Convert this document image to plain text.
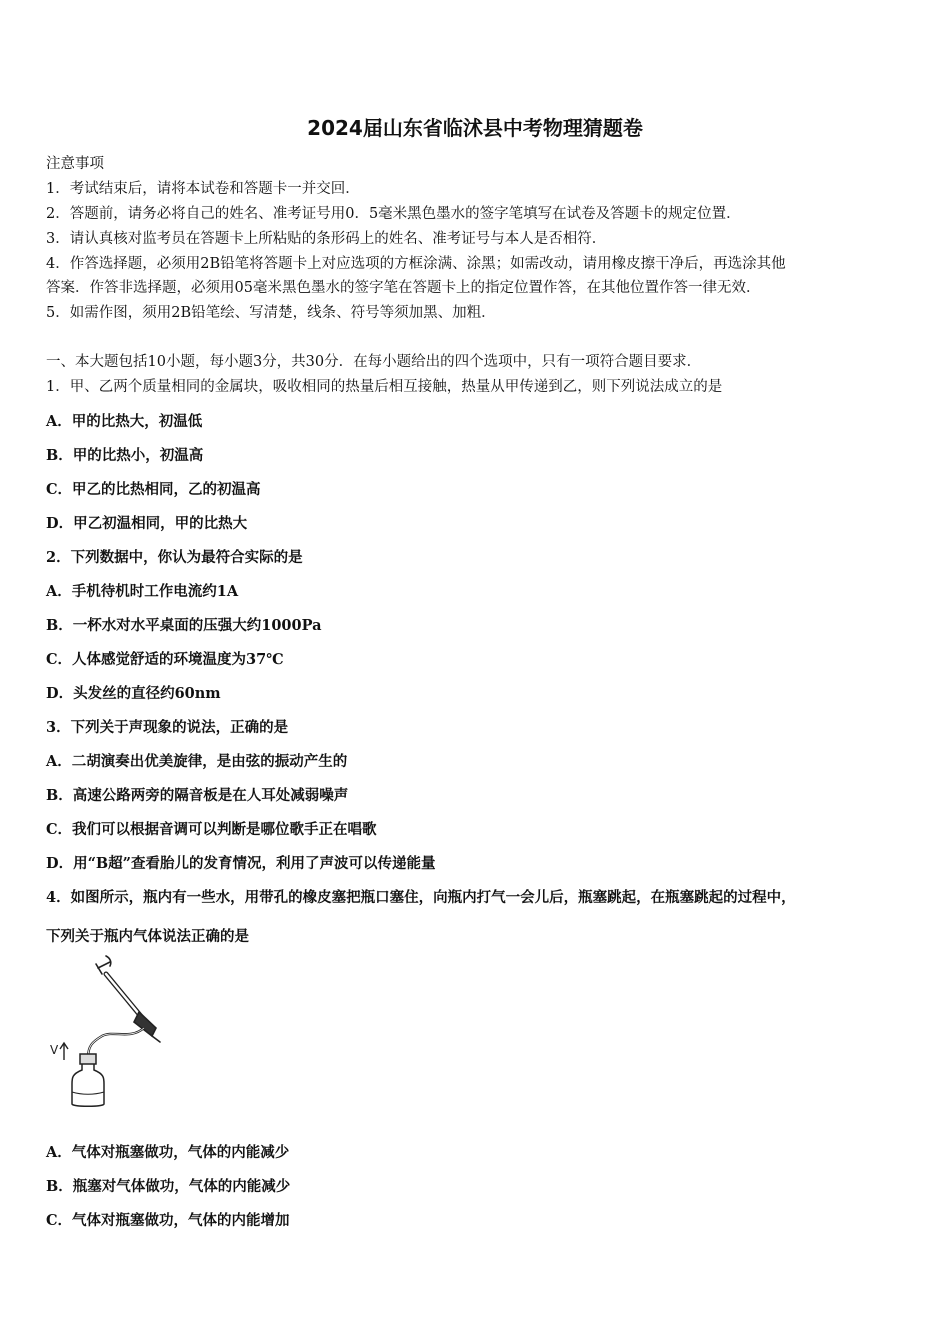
2024届山东省临沭县中考物理猜题卷
注意事项
1．考试结束后，请将本试卷和答题卡一并交回．
2．答题前，请务必将自己的姓名、准考证号用0．5毫米黑色墨水的签字笔填写在试卷及答题卡的规定位置．
3．请认真核对监考员在答题卡上所粘贴的条形码上的姓名、准考证号与本人是否相符．
4．作答选择题，必须用2B铅笔将答题卡上对应选项的方框涂满、涂黑；如需改动，请用橡皮擦干净后，再选涂其他
答案．作答非选择题，必须用05毫米黑色墨水的签字笔在答题卡上的指定位置作答，在其他位置作答一律无效．
5．如需作图，须用2B铅笔绘、写清楚，线条、符号等须加黑、加粗．
一、本大题包括10小题，每小题3分，共30分．在每小题给出的四个选项中，只有一项符合题目要求．
1．甲、乙两个质量相同的金属块，吸收相同的热量后相互接触，热量从甲传递到乙，则下列说法成立的是
A．甲的比热大，初温低
B．甲的比热小，初温高
C．甲乙的比热相同，乙的初温高
D．甲乙初温相同，甲的比热大
2．下列数据中，你认为最符合实际的是
A．手机待机时工作电流约1A
B．一杯水对水平桌面的压强大约1000Pa
C．人体感觉舒适的环境温度为37℃
D．头发丝的直径约60nm
3．下列关于声现象的说法，正确的是
A．二胡演奏出优美旋律，是由弦的振动产生的
B．高速公路两旁的隔音板是在人耳处减弱噪声
C．我们可以根据音调可以判断是哪位歌手正在唱歌
D．用“B超”查看胎儿的发育情况，利用了声波可以传递能量
4．如图所示，瓶内有一些水，用带孔的橡皮塞把瓶口塞住，向瓶内打气一会儿后，瓶塞跳起，在瓶塞跳起的过程中，
下列关于瓶内气体说法正确的是
V
A．气体对瓶塞做功，气体的内能减少
B．瓶塞对气体做功，气体的内能减少
C．气体对瓶塞做功，气体的内能增加
